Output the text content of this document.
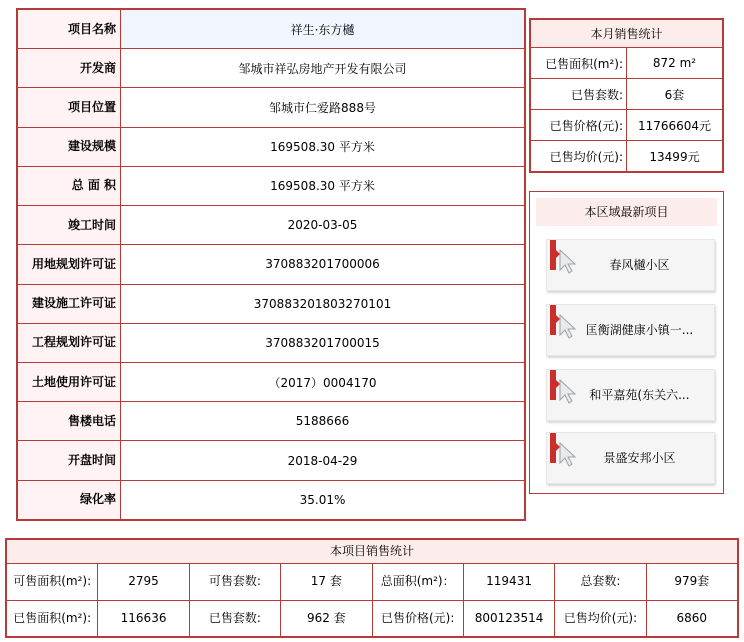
项目名称	祥生·东方樾
开发商	邹城市祥弘房地产开发有限公司
项目位置	邹城市仁爱路888号
建设规模	169508.30 平方米
总 面 积	169508.30 平方米
竣工时间	2020-03-05
用地规划许可证	370883201700006
建设施工许可证	370883201803270101
工程规划许可证	370883201700015
土地使用许可证	（2017）0004170
售楼电话	5188666
开盘时间	2018-04-29
绿化率	35.01%
本月销售统计	
已售面积(m²):	872 m²
已售套数:	6套
已售价格(元):	11766604元
已售均价(元):	13499元
本区域最新项目
春风樾小区
匡衡湖健康小镇一...
和平嘉苑(东关六...
景盛安邦小区
本项目销售统计							
可售面积(m²):	2795	可售套数:	17 套	总面积(m²)：	119431	总套数:	979套
已售面积(m²):	116636	已售套数:	962 套	已售价格(元):	800123514	已售均价(元):	6860
